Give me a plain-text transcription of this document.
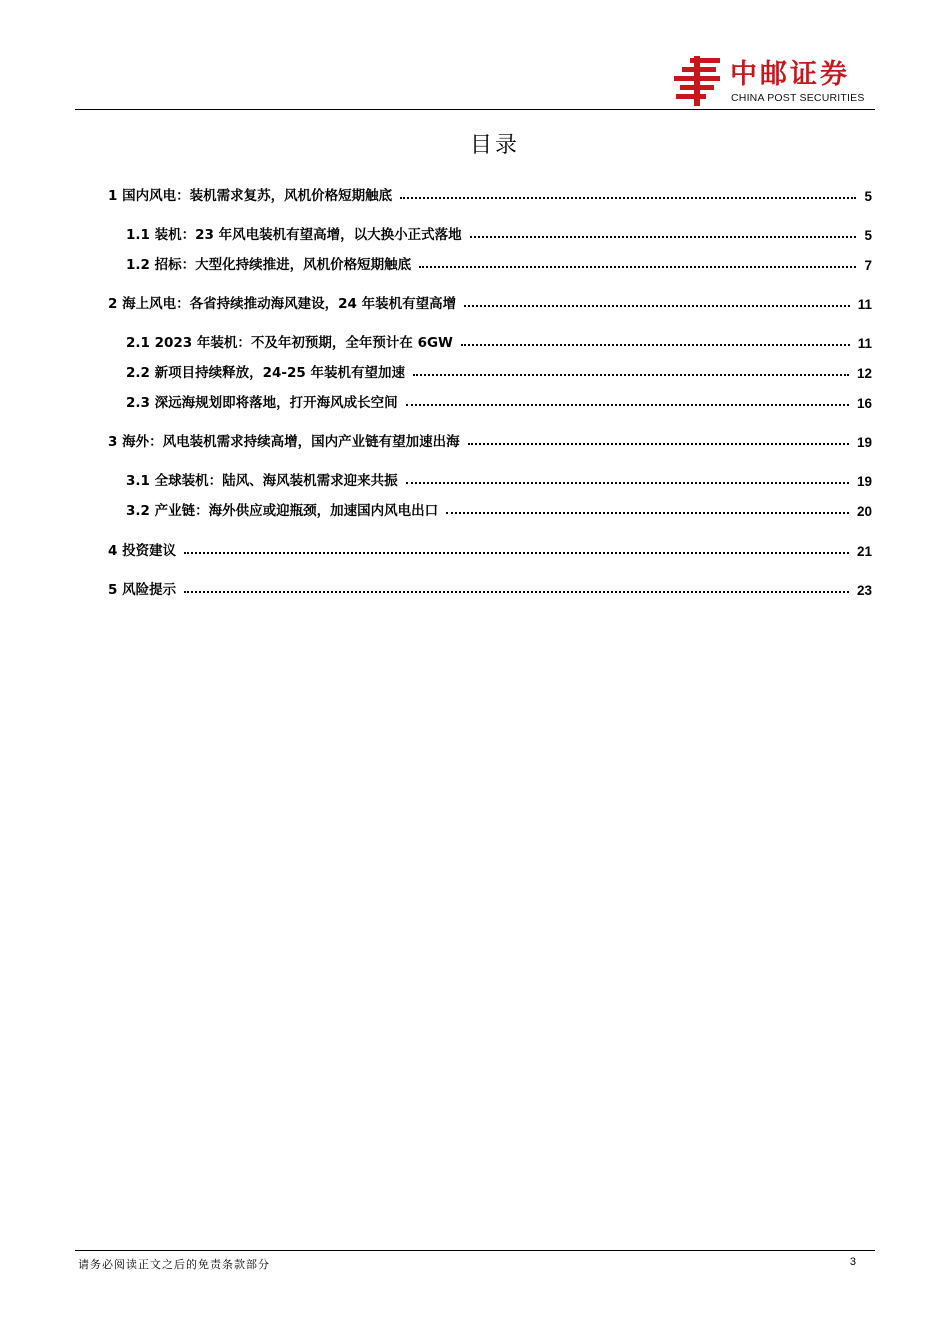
中邮证券
CHINA POST SECURITIES
目录
1 国内风电：装机需求复苏，风机价格短期触底	5
1.1 装机：23 年风电装机有望高增，以大换小正式落地	5
1.2 招标：大型化持续推进，风机价格短期触底	7
2 海上风电：各省持续推动海风建设，24 年装机有望高增	11
2.1 2023 年装机：不及年初预期，全年预计在 6GW	11
2.2 新项目持续释放，24-25 年装机有望加速	12
2.3 深远海规划即将落地，打开海风成长空间	16
3 海外：风电装机需求持续高增，国内产业链有望加速出海	19
3.1 全球装机：陆风、海风装机需求迎来共振	19
3.2 产业链：海外供应或迎瓶颈，加速国内风电出口	20
4 投资建议	21
5 风险提示	23
请务必阅读正文之后的免责条款部分	3
